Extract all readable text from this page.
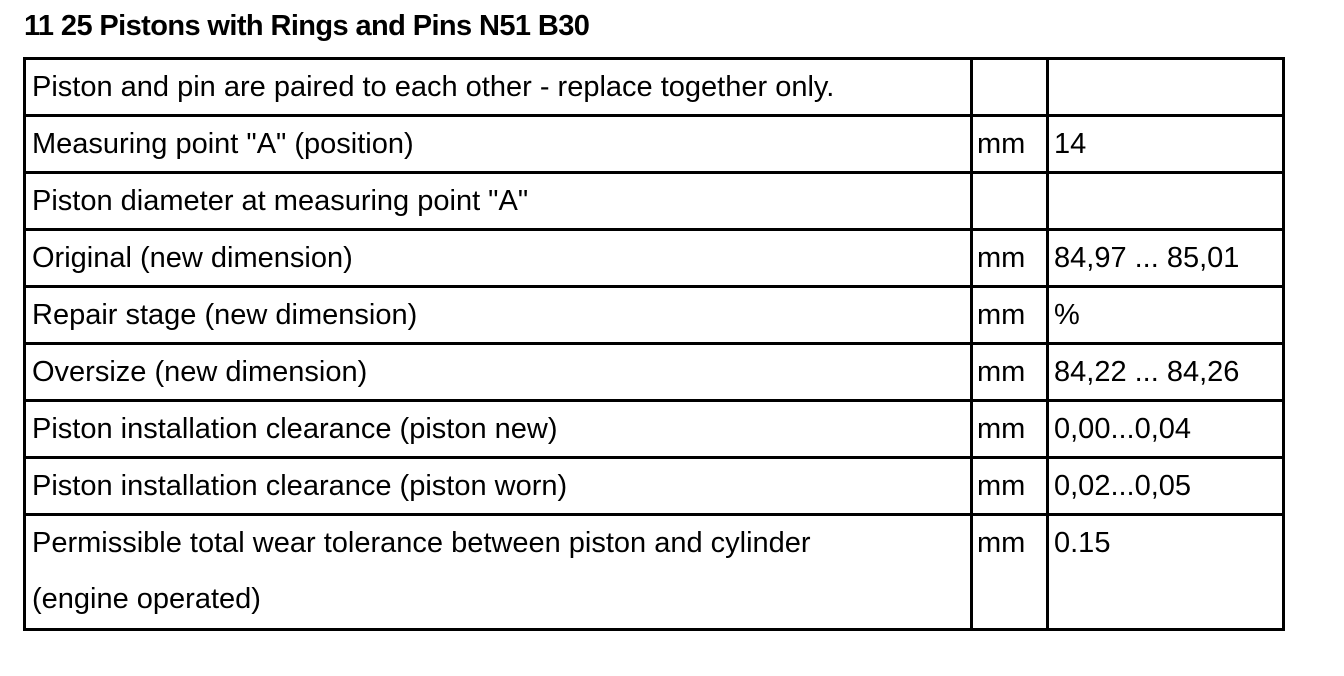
11 25 Pistons with Rings and Pins N51 B30
Piston and pin are paired to each other - replace together only.		
Measuring point "A" (position)	mm	14
Piston diameter at measuring point "A"		
Original (new dimension)	mm	84,97 ... 85,01
Repair stage (new dimension)	mm	%
Oversize (new dimension)	mm	84,22 ... 84,26
Piston installation clearance (piston new)	mm	0,00...0,04
Piston installation clearance (piston worn)	mm	0,02...0,05

Permissible total wear tolerance between piston and cylinder
(engine operated)	mm	0.15
